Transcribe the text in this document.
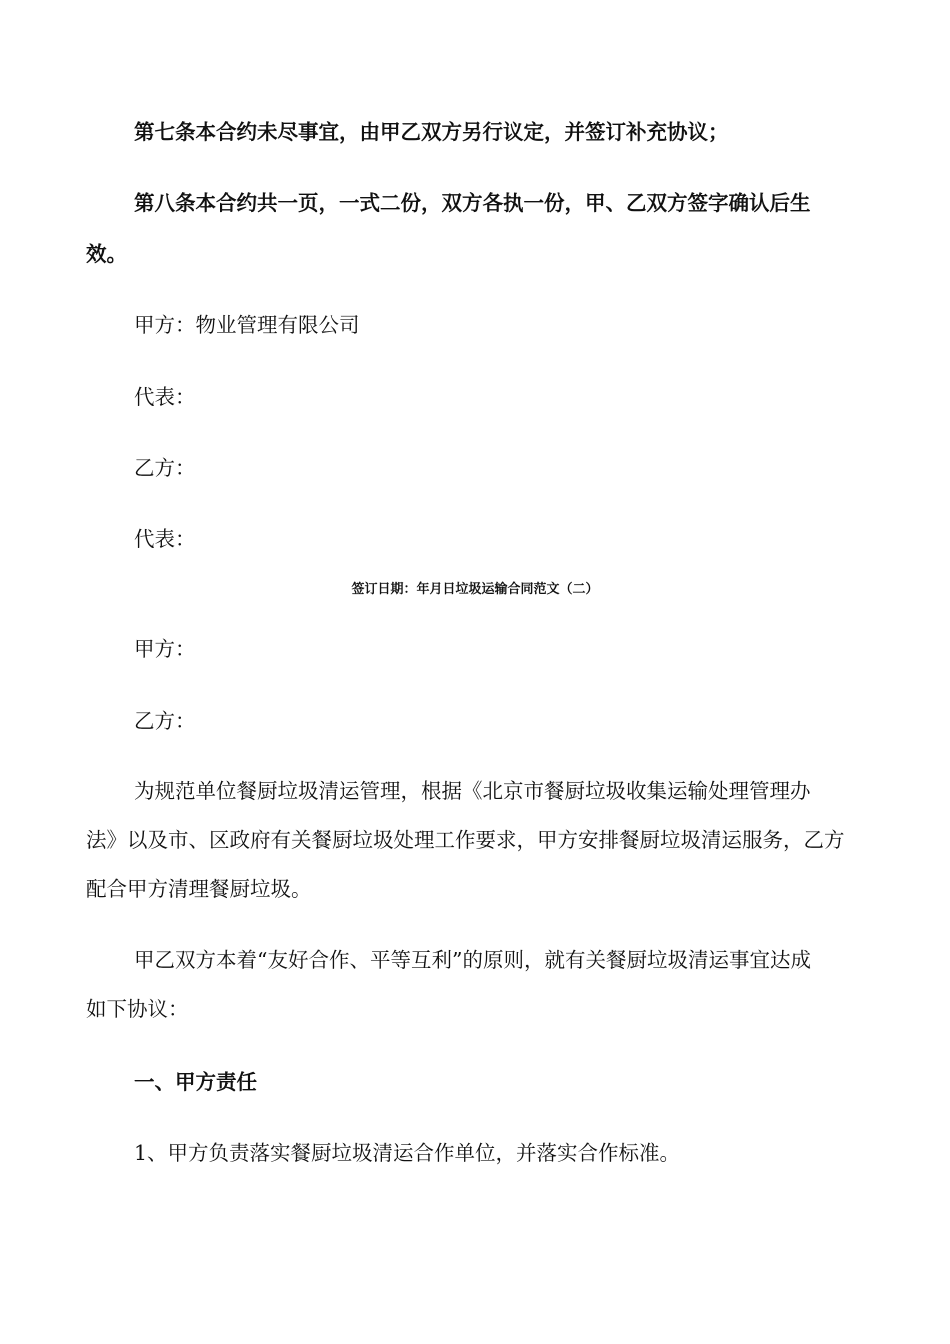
第七条本合约未尽事宜，由甲乙双方另行议定，并签订补充协议；
第八条本合约共一页，一式二份，双方各执一份，甲、乙双方签字确认后生
效。
甲方：物业管理有限公司
代表：
乙方：
代表：
签订日期：年月日垃圾运输合同范文（二）
甲方：
乙方：
为规范单位餐厨垃圾清运管理，根据《北京市餐厨垃圾收集运输处理管理办
法》以及市、区政府有关餐厨垃圾处理工作要求，甲方安排餐厨垃圾清运服务，乙方
配合甲方清理餐厨垃圾。
甲乙双方本着“友好合作、平等互利”的原则，就有关餐厨垃圾清运事宜达成
如下协议：
一、甲方责任
1、甲方负责落实餐厨垃圾清运合作单位，并落实合作标准。
